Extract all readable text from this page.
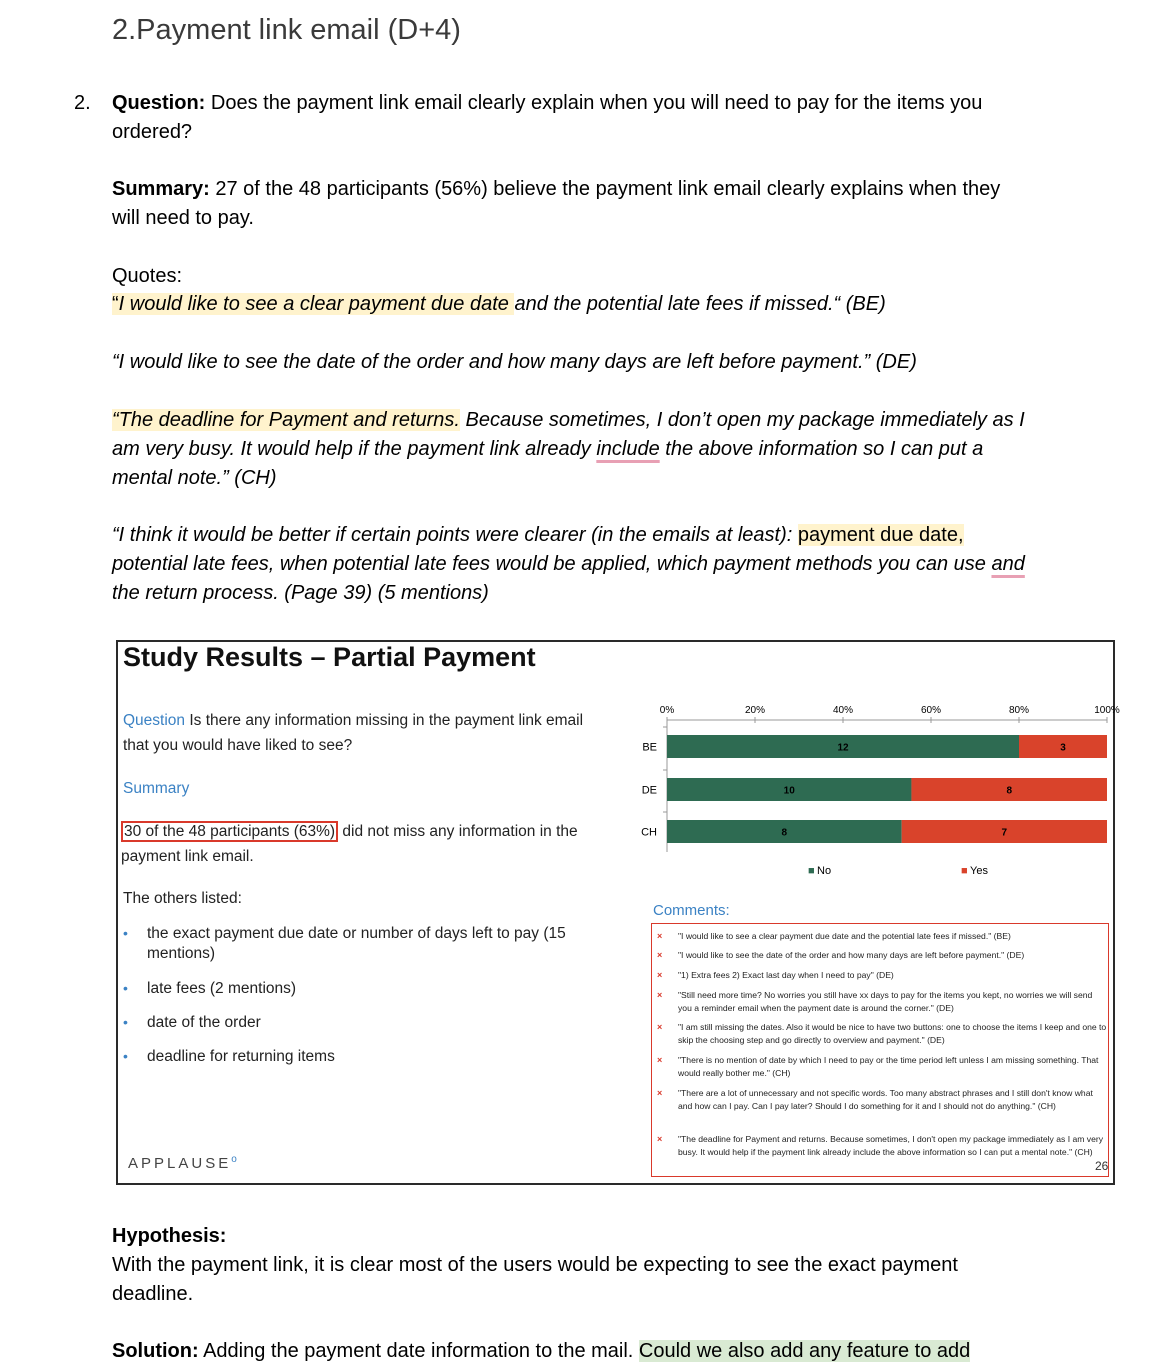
2.Payment link email (D+4)
2. Question: Does the payment link email clearly explain when you will need to pay for the items you ordered?
Summary: 27 of the 48 participants (56%) believe the payment link email clearly explains when they will need to pay.
Quotes:
“I would like to see a clear payment due date and the potential late fees if missed.“ (BE)
“I would like to see the date of the order and how many days are left before payment.” (DE)
“The deadline for Payment and returns. Because sometimes, I don’t open my package immediately as I am very busy. It would help if the payment link already include the above information so I can put a mental note.” (CH)
“I think it would be better if certain points were clearer (in the emails at least): payment due date, potential late fees, when potential late fees would be applied, which payment methods you can use and the return process. (Page 39) (5 mentions)
Study Results – Partial Payment
Question Is there any information missing in the payment link email that you would have liked to see?
Summary
30 of the 48 participants (63%) did not miss any information in the payment link email.
The others listed:
• the exact payment due date or number of days left to pay (15 mentions)
• late fees (2 mentions)
• date of the order
• deadline for returning items
APPLAUSE$^o$
0%	20%	40%	60%	80%	100%
BE	12	3
DE	10	8
CH	8	7
■ No	■ Yes
Comments:
× "I would like to see a clear payment due date and the potential late fees if missed." (BE)
× "I would like to see the date of the order and how many days are left before payment." (DE)
× "1) Extra fees 2) Exact last day when I need to pay" (DE)
× "Still need more time? No worries you still have xx days to pay for the items you kept, no worries we will send you a reminder email when the payment date is around the corner." (DE)
× "I am still missing the dates. Also it would be nice to have two buttons: one to choose the items I keep and one to skip the choosing step and go directly to overview and payment." (DE)
× "There is no mention of date by which I need to pay or the time period left unless I am missing something. That would really bother me." (CH)
× "There are a lot of unnecessary and not specific words. Too many abstract phrases and I still don't know what and how can I pay. Can I pay later? Should I do something for it and I should not do anything." (CH)
× "The deadline for Payment and returns. Because sometimes, I don't open my package immediately as I am very busy. It would help if the payment link already include the above information so I can put a mental note." (CH)
26
Hypothesis:
With the payment link, it is clear most of the users would be expecting to see the exact payment deadline.
Solution: Adding the payment date information to the mail. Could we also add any feature to add
